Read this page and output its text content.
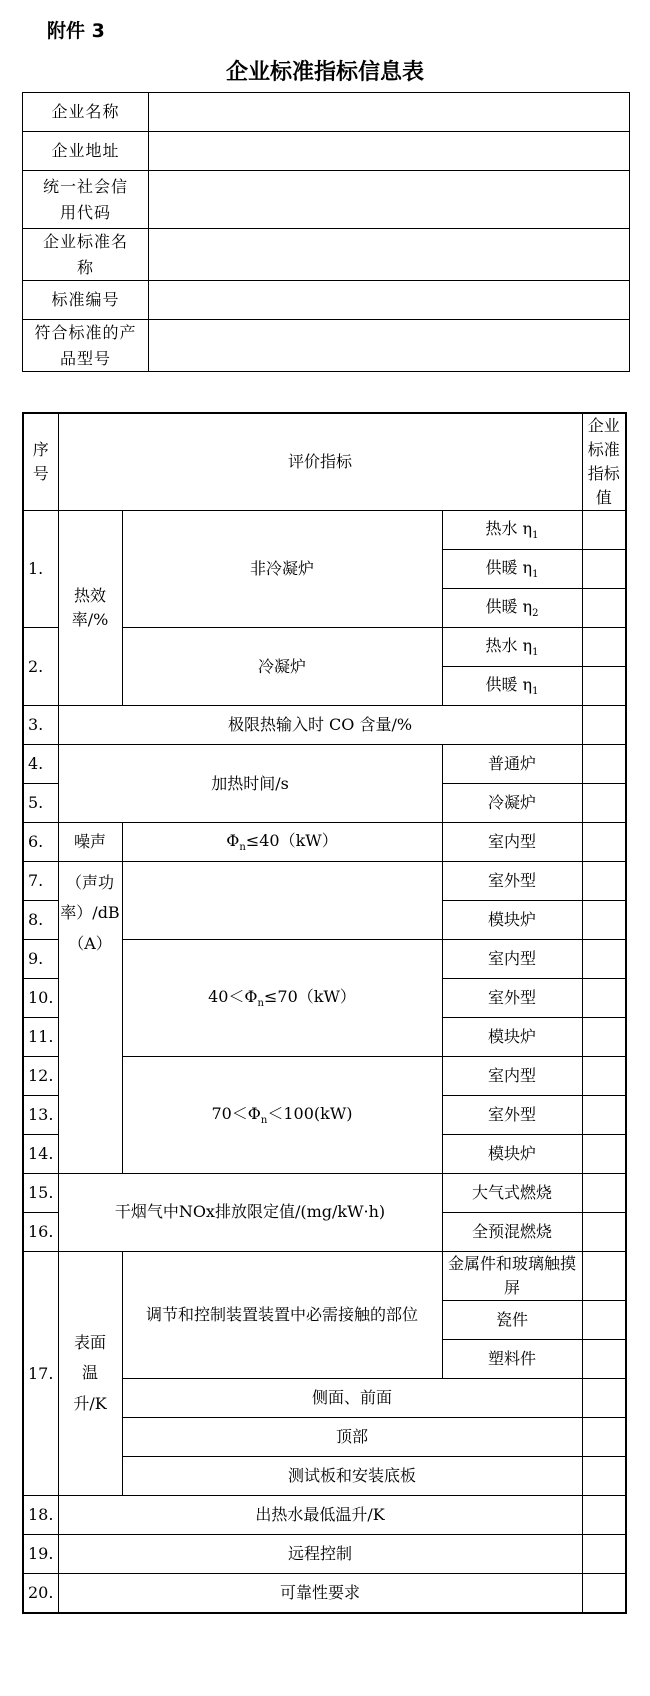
附件 3
企业标准指标信息表
企业名称	
企业地址	
统一社会信用代码	
企业标准名称	
标准编号	
符合标准的产品型号	
序号	评价指标			企业标准指标值
1.	热效率/%	非冷凝炉	热水 $\eta_1$	
			供暖 $\eta_1$	
			供暖 $\eta_2$	
2.		冷凝炉	热水 $\eta_1$	
			供暖 $\eta_1$	
3.	极限热输入时 CO 含量/%			
4.	加热时间/s		普通炉	
5.			冷凝炉	
6.	噪声	$\Phi_n\le 40(kW)$	室内型	
7.	（声功率）/dB（A）		室外型	
8.			模块炉	
9.		$40<\Phi_n\le 70(kW)$	室内型	
10.			室外型	
11.			模块炉	
12.		$70<\Phi_n<100(kW)$	室内型	
13.			室外型	
14.			模块炉	
15.	干烟气中NOx排放限定值/(mg/kW·h)		大气式燃烧	
16.			全预混燃烧	
17.	表面温升/K	调节和控制装置装置中必需接触的部位	金属件和玻璃触摸屏	
			瓷件	
			塑料件	
		侧面、前面		
		顶部		
		测试板和安装底板		
18.	出热水最低温升/K			
19.	远程控制			
20.	可靠性要求			
